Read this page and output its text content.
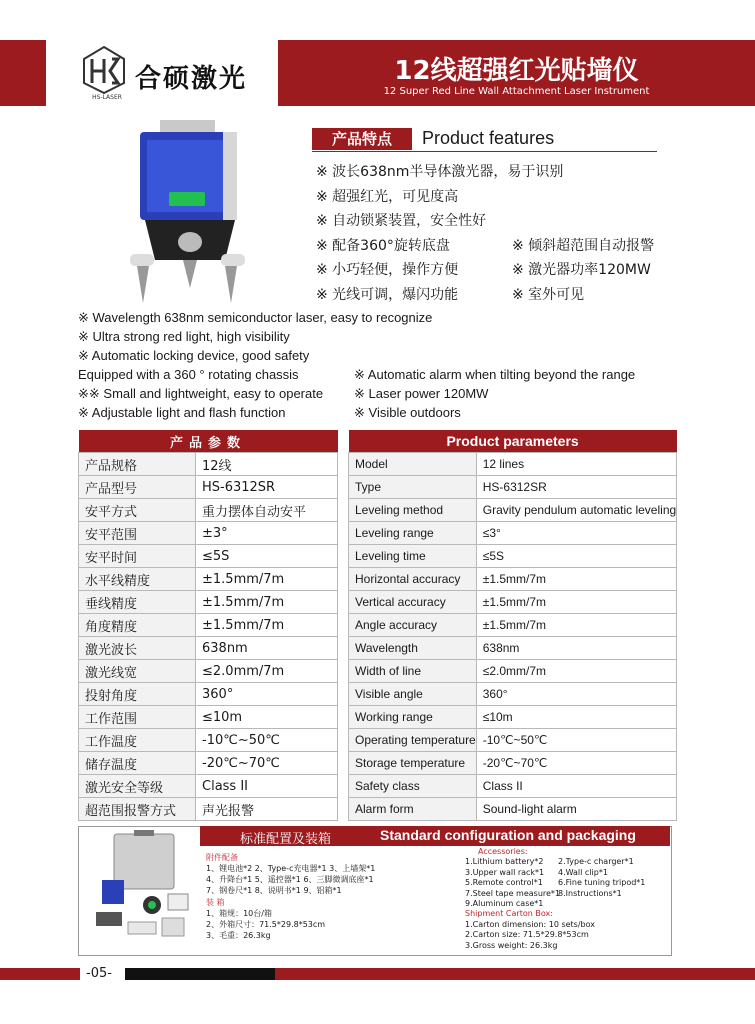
HS-LASER
合硕激光	12线超强红光贴墙仪
12 Super Red Line Wall Attachment Laser Instrument
产品特点	Product features
※ 波长638nm半导体激光器，易于识别
※ 超强红光，可见度高
※ 自动锁紧装置，安全性好
※ 配备360°旋转底盘
※ 小巧轻便，操作方便
※ 光线可调，爆闪功能
※ 倾斜超范围自动报警
※ 激光器功率120MW
※ 室外可见
※ Wavelength 638nm semiconductor laser, easy to recognize
※ Ultra strong red light, high visibility
※ Automatic locking device, good safety
Equipped with a 360 ° rotating chassis
※※ Small and lightweight, easy to operate
※ Adjustable light and flash function
※ Automatic alarm when tilting beyond the range
※ Laser power 120MW
※ Visible outdoors
产品参数	
产品规格	12线
产品型号	HS-6312SR
安平方式	重力摆体自动安平
安平范围	±3°
安平时间	≤5S
水平线精度	±1.5mm/7m
垂线精度	±1.5mm/7m
角度精度	±1.5mm/7m
激光波长	638nm
激光线宽	≤2.0mm/7m
投射角度	360°
工作范围	≤10m
工作温度	-10℃~50℃
储存温度	-20℃~70℃
激光安全等级	Class II
超范围报警方式	声光报警
Product parameters	
Model	12 lines
Type	HS-6312SR
Leveling method	Gravity pendulum automatic leveling
Leveling range	≤3°
Leveling time	≤5S
Horizontal accuracy	±1.5mm/7m
Vertical accuracy	±1.5mm/7m
Angle accuracy	±1.5mm/7m
Wavelength	638nm
Width of line	≤2.0mm/7m
Visible angle	360°
Working range	≤10m
Operating temperature	-10℃~50℃
Storage temperature	-20℃~70℃
Safety class	Class II
Alarm form	Sound-light alarm
标准配置及装箱	Standard configuration and packaging
附件配备
1、锂电池*2 2、Type-c充电器*1 3、上墙架*1
4、升降台*1 5、遥控器*1 6、三脚微调底座*1
7、钢卷尺*1 8、说明书*1 9、铝箱*1
装 箱
1、箱规：10台/箱
2、外箱尺寸：71.5*29.8*53cm
3、毛重：26.3kg
Accessories:
1.Lithium battery*2
3.Upper wall rack*1
5.Remote control*1
7.Steel tape measure*1
9.Aluminum case*1
2.Type-c charger*1
4.Wall clip*1
6.Fine tuning tripod*1
8.Instructions*1
Shipment Carton Box:
1.Carton dimension: 10 sets/box
2.Carton size: 71.5*29.8*53cm
3.Gross weight: 26.3kg
-05-
